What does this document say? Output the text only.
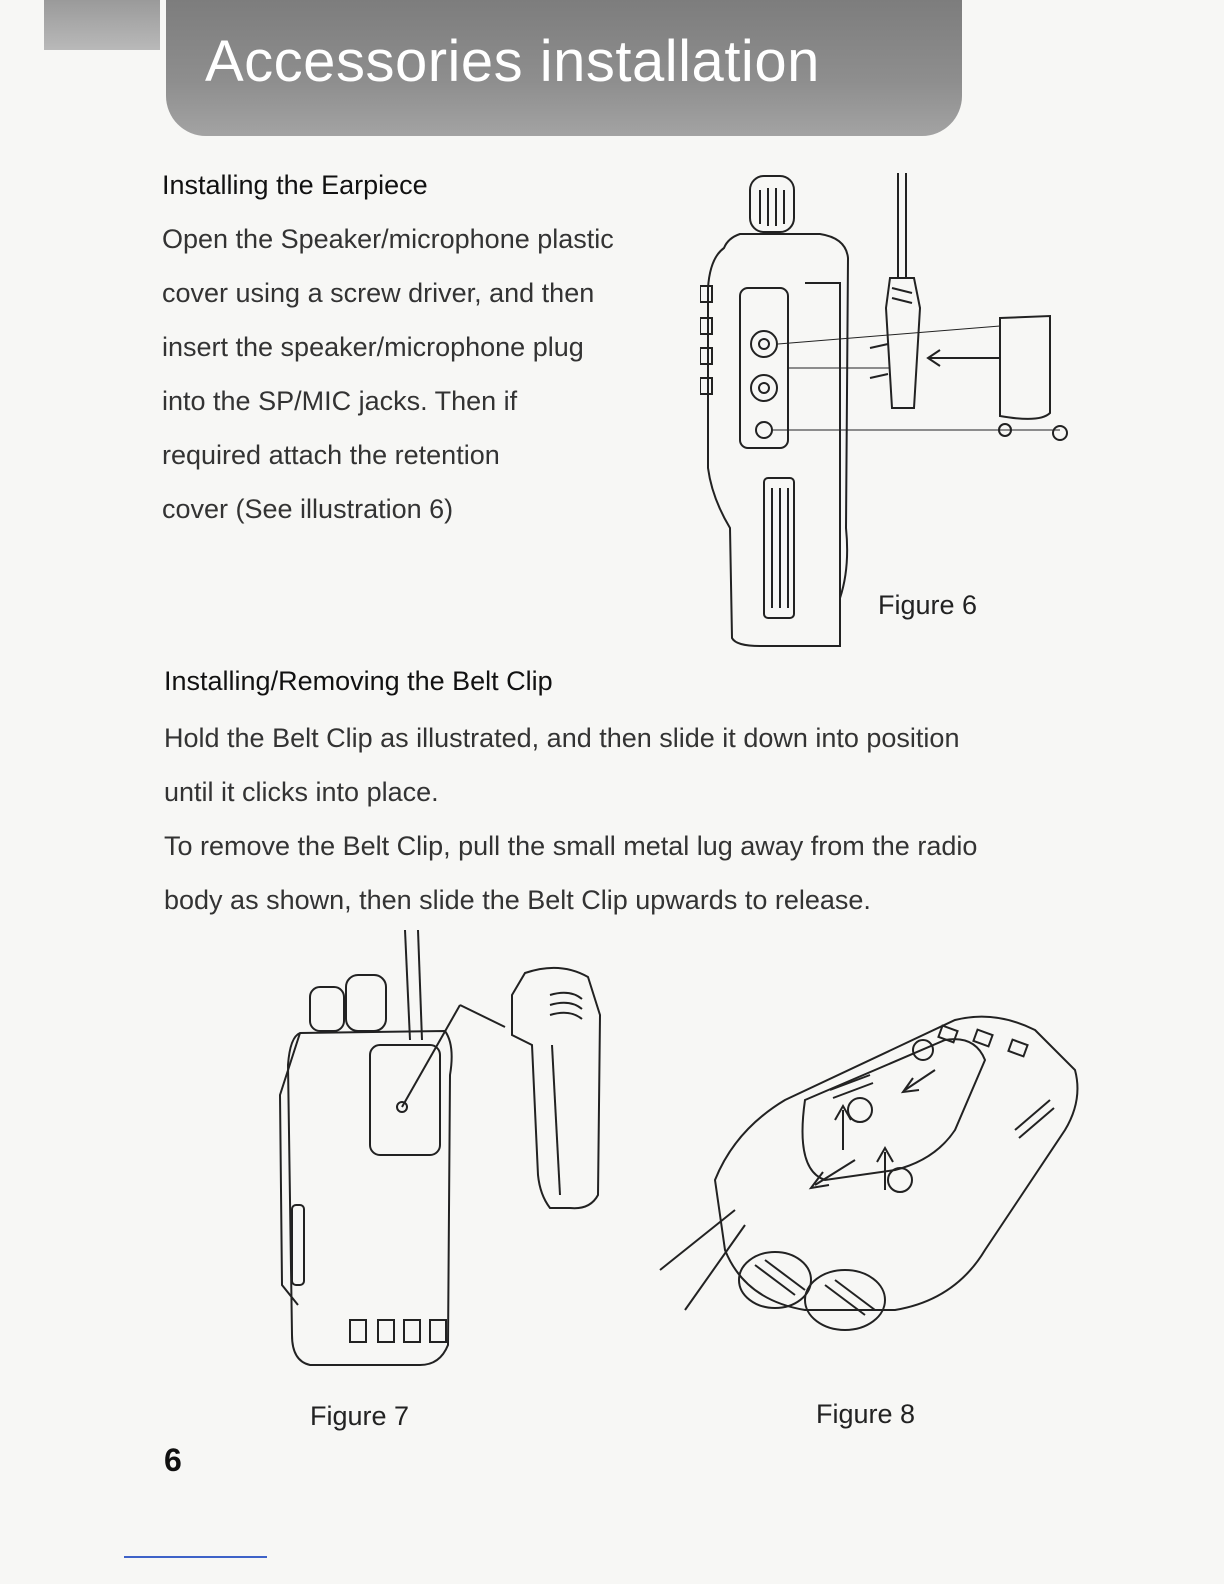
Accessories installation
Installing the Earpiece
Open the Speaker/microphone plastic
cover using a screw driver, and then
insert the speaker/microphone plug
into the SP/MIC jacks. Then if
required attach the retention
cover (See illustration 6)
Figure 6
Installing/Removing the Belt Clip
Hold the Belt Clip as illustrated, and then slide it down into position
until it clicks into place.
To remove the Belt Clip, pull the small metal lug away from the radio
body as shown, then slide the Belt Clip upwards to release.
Figure 7	Figure 8
6
